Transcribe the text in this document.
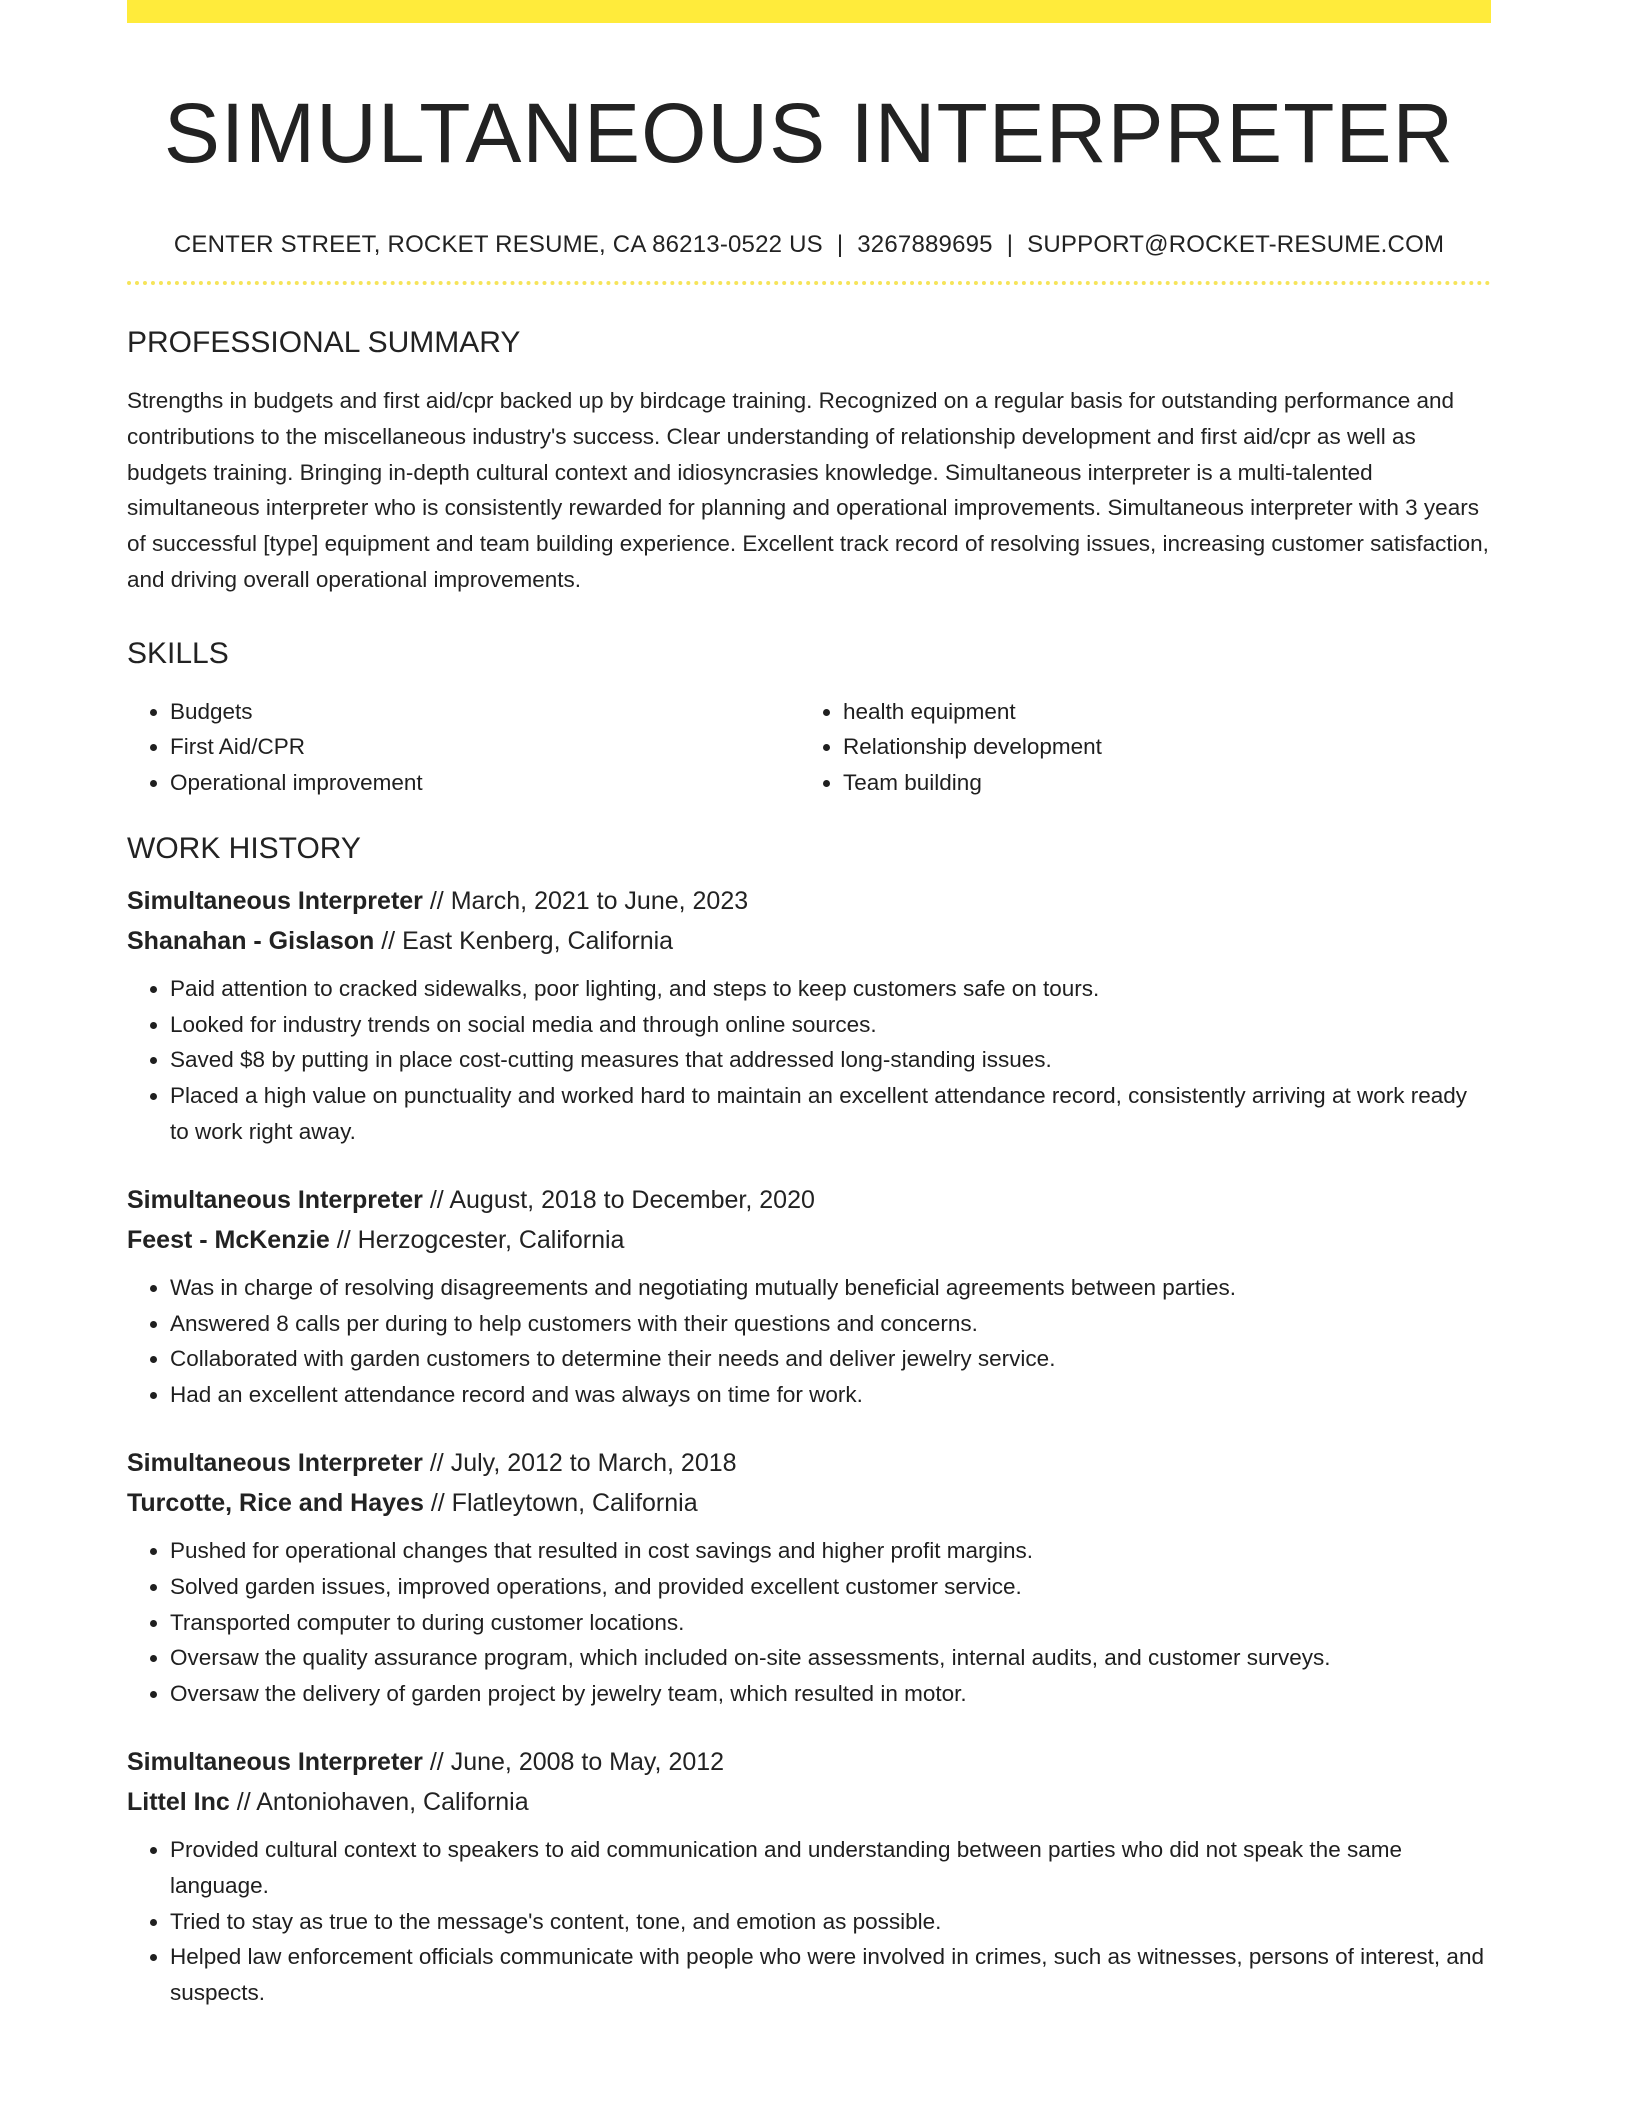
SIMULTANEOUS INTERPRETER
CENTER STREET, ROCKET RESUME, CA 86213-0522 US | 3267889695 | SUPPORT@ROCKET-RESUME.COM
PROFESSIONAL SUMMARY

Strengths in budgets and first aid/cpr backed up by birdcage training. Recognized on a regular basis for outstanding performance and contributions to the miscellaneous industry's success. Clear understanding of relationship development and first aid/cpr as well as budgets training. Bringing in-depth cultural context and idiosyncrasies knowledge. Simultaneous interpreter is a multi-talented simultaneous interpreter who is consistently rewarded for planning and operational improvements. Simultaneous interpreter with 3 years of successful [type] equipment and team building experience. Excellent track record of resolving issues, increasing customer satisfaction, and driving overall operational improvements.

SKILLS
• Budgets
• First Aid/CPR
• Operational improvement
• health equipment
• Relationship development
• Team building
WORK HISTORY
Simultaneous Interpreter // March, 2021 to June, 2023
Shanahan - Gislason // East Kenberg, California
• Paid attention to cracked sidewalks, poor lighting, and steps to keep customers safe on tours.
• Looked for industry trends on social media and through online sources.
• Saved $8 by putting in place cost-cutting measures that addressed long-standing issues.
• Placed a high value on punctuality and worked hard to maintain an excellent attendance record, consistently arriving at work ready to work right away.
Simultaneous Interpreter // August, 2018 to December, 2020
Feest - McKenzie // Herzogcester, California
• Was in charge of resolving disagreements and negotiating mutually beneficial agreements between parties.
• Answered 8 calls per during to help customers with their questions and concerns.
• Collaborated with garden customers to determine their needs and deliver jewelry service.
• Had an excellent attendance record and was always on time for work.
Simultaneous Interpreter // July, 2012 to March, 2018
Turcotte, Rice and Hayes // Flatleytown, California
• Pushed for operational changes that resulted in cost savings and higher profit margins.
• Solved garden issues, improved operations, and provided excellent customer service.
• Transported computer to during customer locations.
• Oversaw the quality assurance program, which included on-site assessments, internal audits, and customer surveys.
• Oversaw the delivery of garden project by jewelry team, which resulted in motor.
Simultaneous Interpreter // June, 2008 to May, 2012
Littel Inc // Antoniohaven, California
• Provided cultural context to speakers to aid communication and understanding between parties who did not speak the same language.
• Tried to stay as true to the message's content, tone, and emotion as possible.
• Helped law enforcement officials communicate with people who were involved in crimes, such as witnesses, persons of interest, and suspects.
